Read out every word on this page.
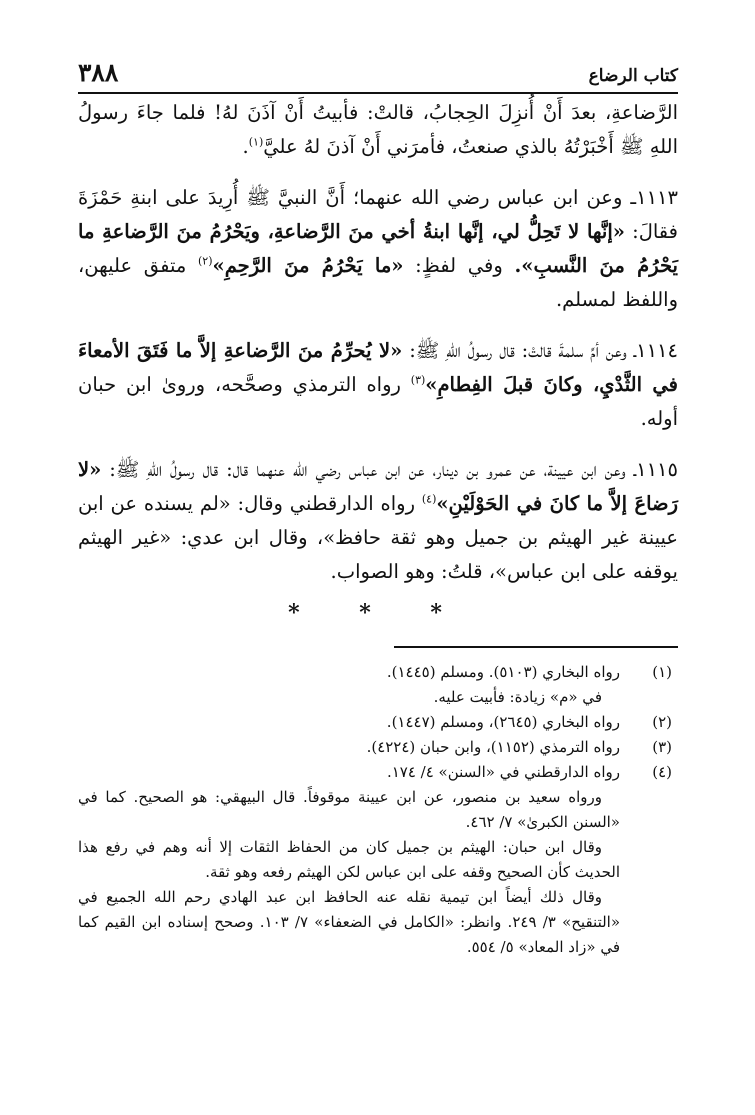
٣٨٨	كتاب الرضاع

الرَّضاعةِ، بعدَ أَنْ أُنزِلَ الحِجابُ، قالتْ: فأبيتُ أَنْ آذَنَ لهُ! فلما جاءَ رسولُ اللهِ ﷺ أَخْبَرْتُهُ بالذي صنعتُ، فأمرَني أَنْ آذنَ لهُ عليَّ$^{(١)}$.

١١١٣ـ وعن ابن عباس رضي الله عنهما؛ أَنَّ النبيَّ ﷺ أُرِيدَ على ابنةِ حَمْزَةَ فقالَ: «إنَّها لا تَحِلُّ لي، إنَّها ابنةُ أخي منَ الرَّضاعةِ، ويَحْرُمُ منَ الرَّضاعةِ ما يَحْرُمُ منَ النَّسبِ». وفي لفظٍ: «ما يَحْرُمُ منَ الرَّحِمِ»$^{(٢)}$ متفق عليهن، واللفظ لمسلم.

١١١٤ـ وعن أمِّ سلمةَ قالتْ: قال رسولُ اللهِ ﷺ: «لا يُحرِّمُ منَ الرَّضاعةِ إلاَّ ما فَتَقَ الأمعاءَ في الثَّدْيِ، وكانَ قبلَ الفِطامِ»$^{(٣)}$ رواه الترمذي وصحَّحه، وروىٰ ابن حبان أوله.

١١١٥ـ وعن ابن عيينة، عن عمرو بن دينار، عن ابن عباس رضي الله عنهما قال: قال رسولُ اللهِ ﷺ: «لا رَضاعَ إلاَّ ما كانَ في الحَوْلَيْنِ»$^{(٤)}$ رواه الدارقطني وقال: «لم يسنده عن ابن عيينة غير الهيثم بن جميل وهو ثقة حافظ»، وقال ابن عدي: «غير الهيثم يوقفه على ابن عباس»، قلتُ: وهو الصواب.

* * *
(١)
رواه البخاري (٥١٠٣). ومسلم (١٤٤٥).
في «م» زيادة: فأبيت عليه.
(٢)
رواه البخاري (٢٦٤٥)، ومسلم (١٤٤٧).
(٣)
رواه الترمذي (١١٥٢)، وابن حبان (٤٢٢٤).
(٤)
رواه الدارقطني في «السنن» ٤/ ١٧٤.
ورواه سعيد بن منصور، عن ابن عيينة موقوفاً. قال البيهقي: هو الصحيح. كما في «السنن الكبرىٰ» ٧/ ٤٦٢.
وقال ابن حبان: الهيثم بن جميل كان من الحفاظ الثقات إلا أنه وهم في رفع هذا الحديث كأن الصحيح وقفه على ابن عباس لكن الهيثم رفعه وهو ثقة.
وقال ذلك أيضاً ابن تيمية نقله عنه الحافظ ابن عبد الهادي رحم الله الجميع في «التنقيح» ٣/ ٢٤٩. وانظر: «الكامل في الضعفاء» ٧/ ١٠٣. وصحح إسناده ابن القيم كما في «زاد المعاد» ٥/ ٥٥٤.
